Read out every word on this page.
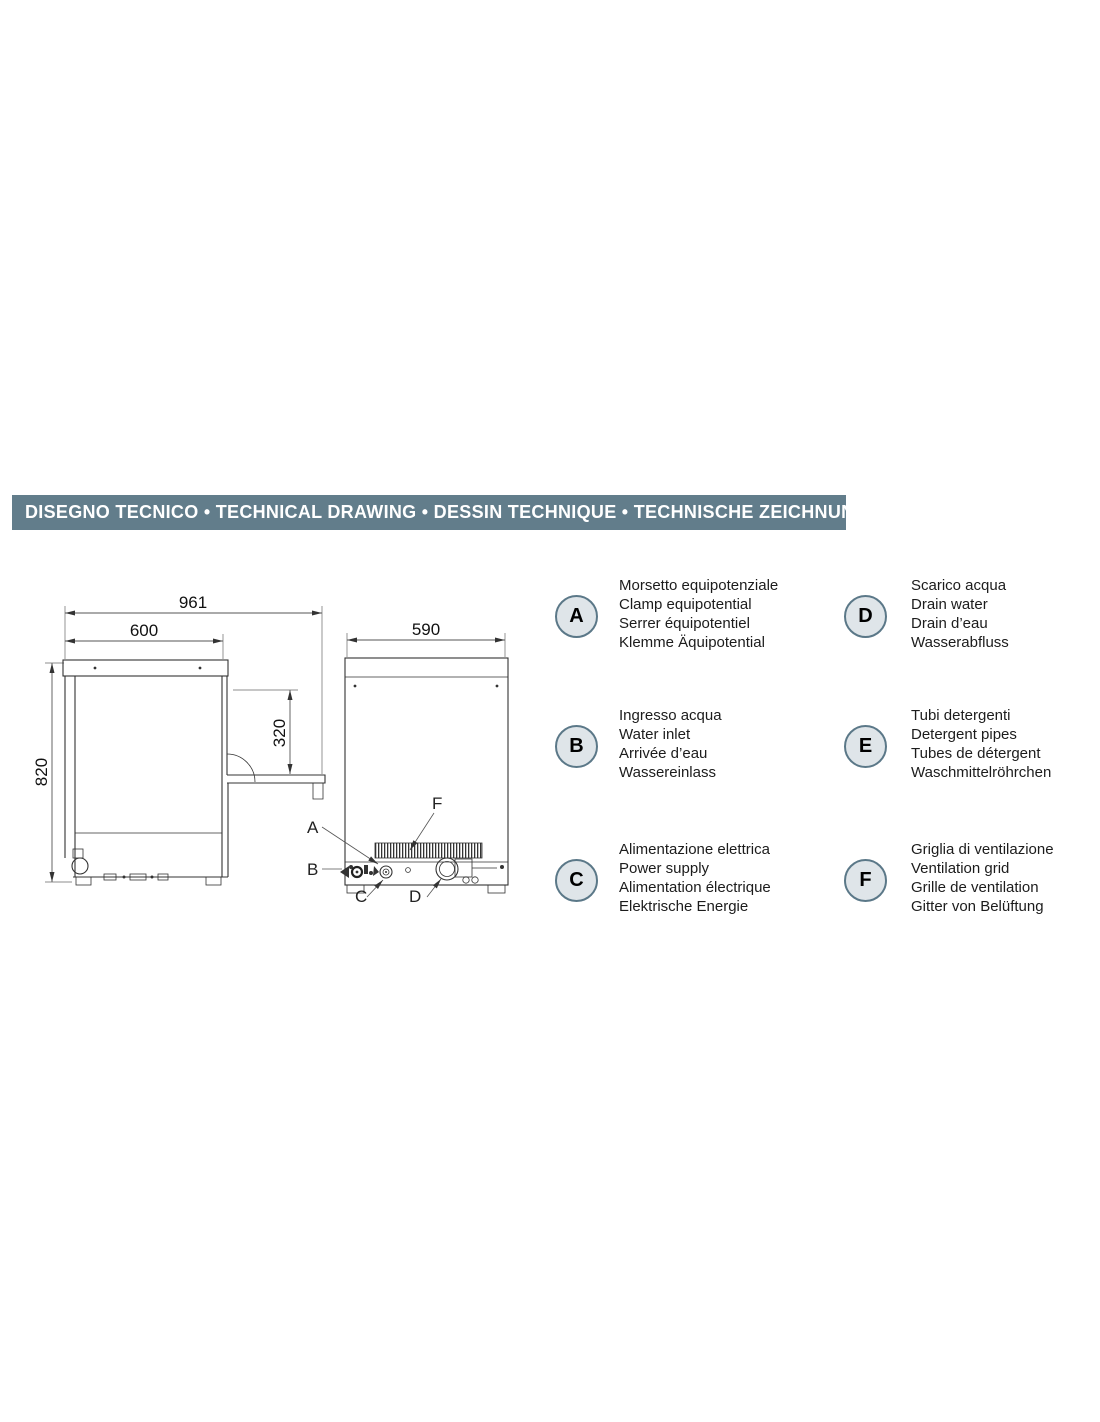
DISEGNO TECNICO • TECHNICAL DRAWING • DESSIN TECHNIQUE • TECHNISCHE ZEICHNUNG
961
600
820
320
590
A
B
C D
F
A
Morsetto equipotenziale
Clamp equipotential
Serrer équipotentiel
Klemme Äquipotential
B
Ingresso acqua
Water inlet
Arrivée d’eau
Wassereinlass
C
Alimentazione elettrica
Power supply
Alimentation électrique
Elektrische Energie
D
Scarico acqua
Drain water
Drain d’eau
Wasserabfluss
E
Tubi detergenti
Detergent pipes
Tubes de détergent
Waschmittelröhrchen
F
Griglia di ventilazione
Ventilation grid
Grille de ventilation
Gitter von Belüftung
